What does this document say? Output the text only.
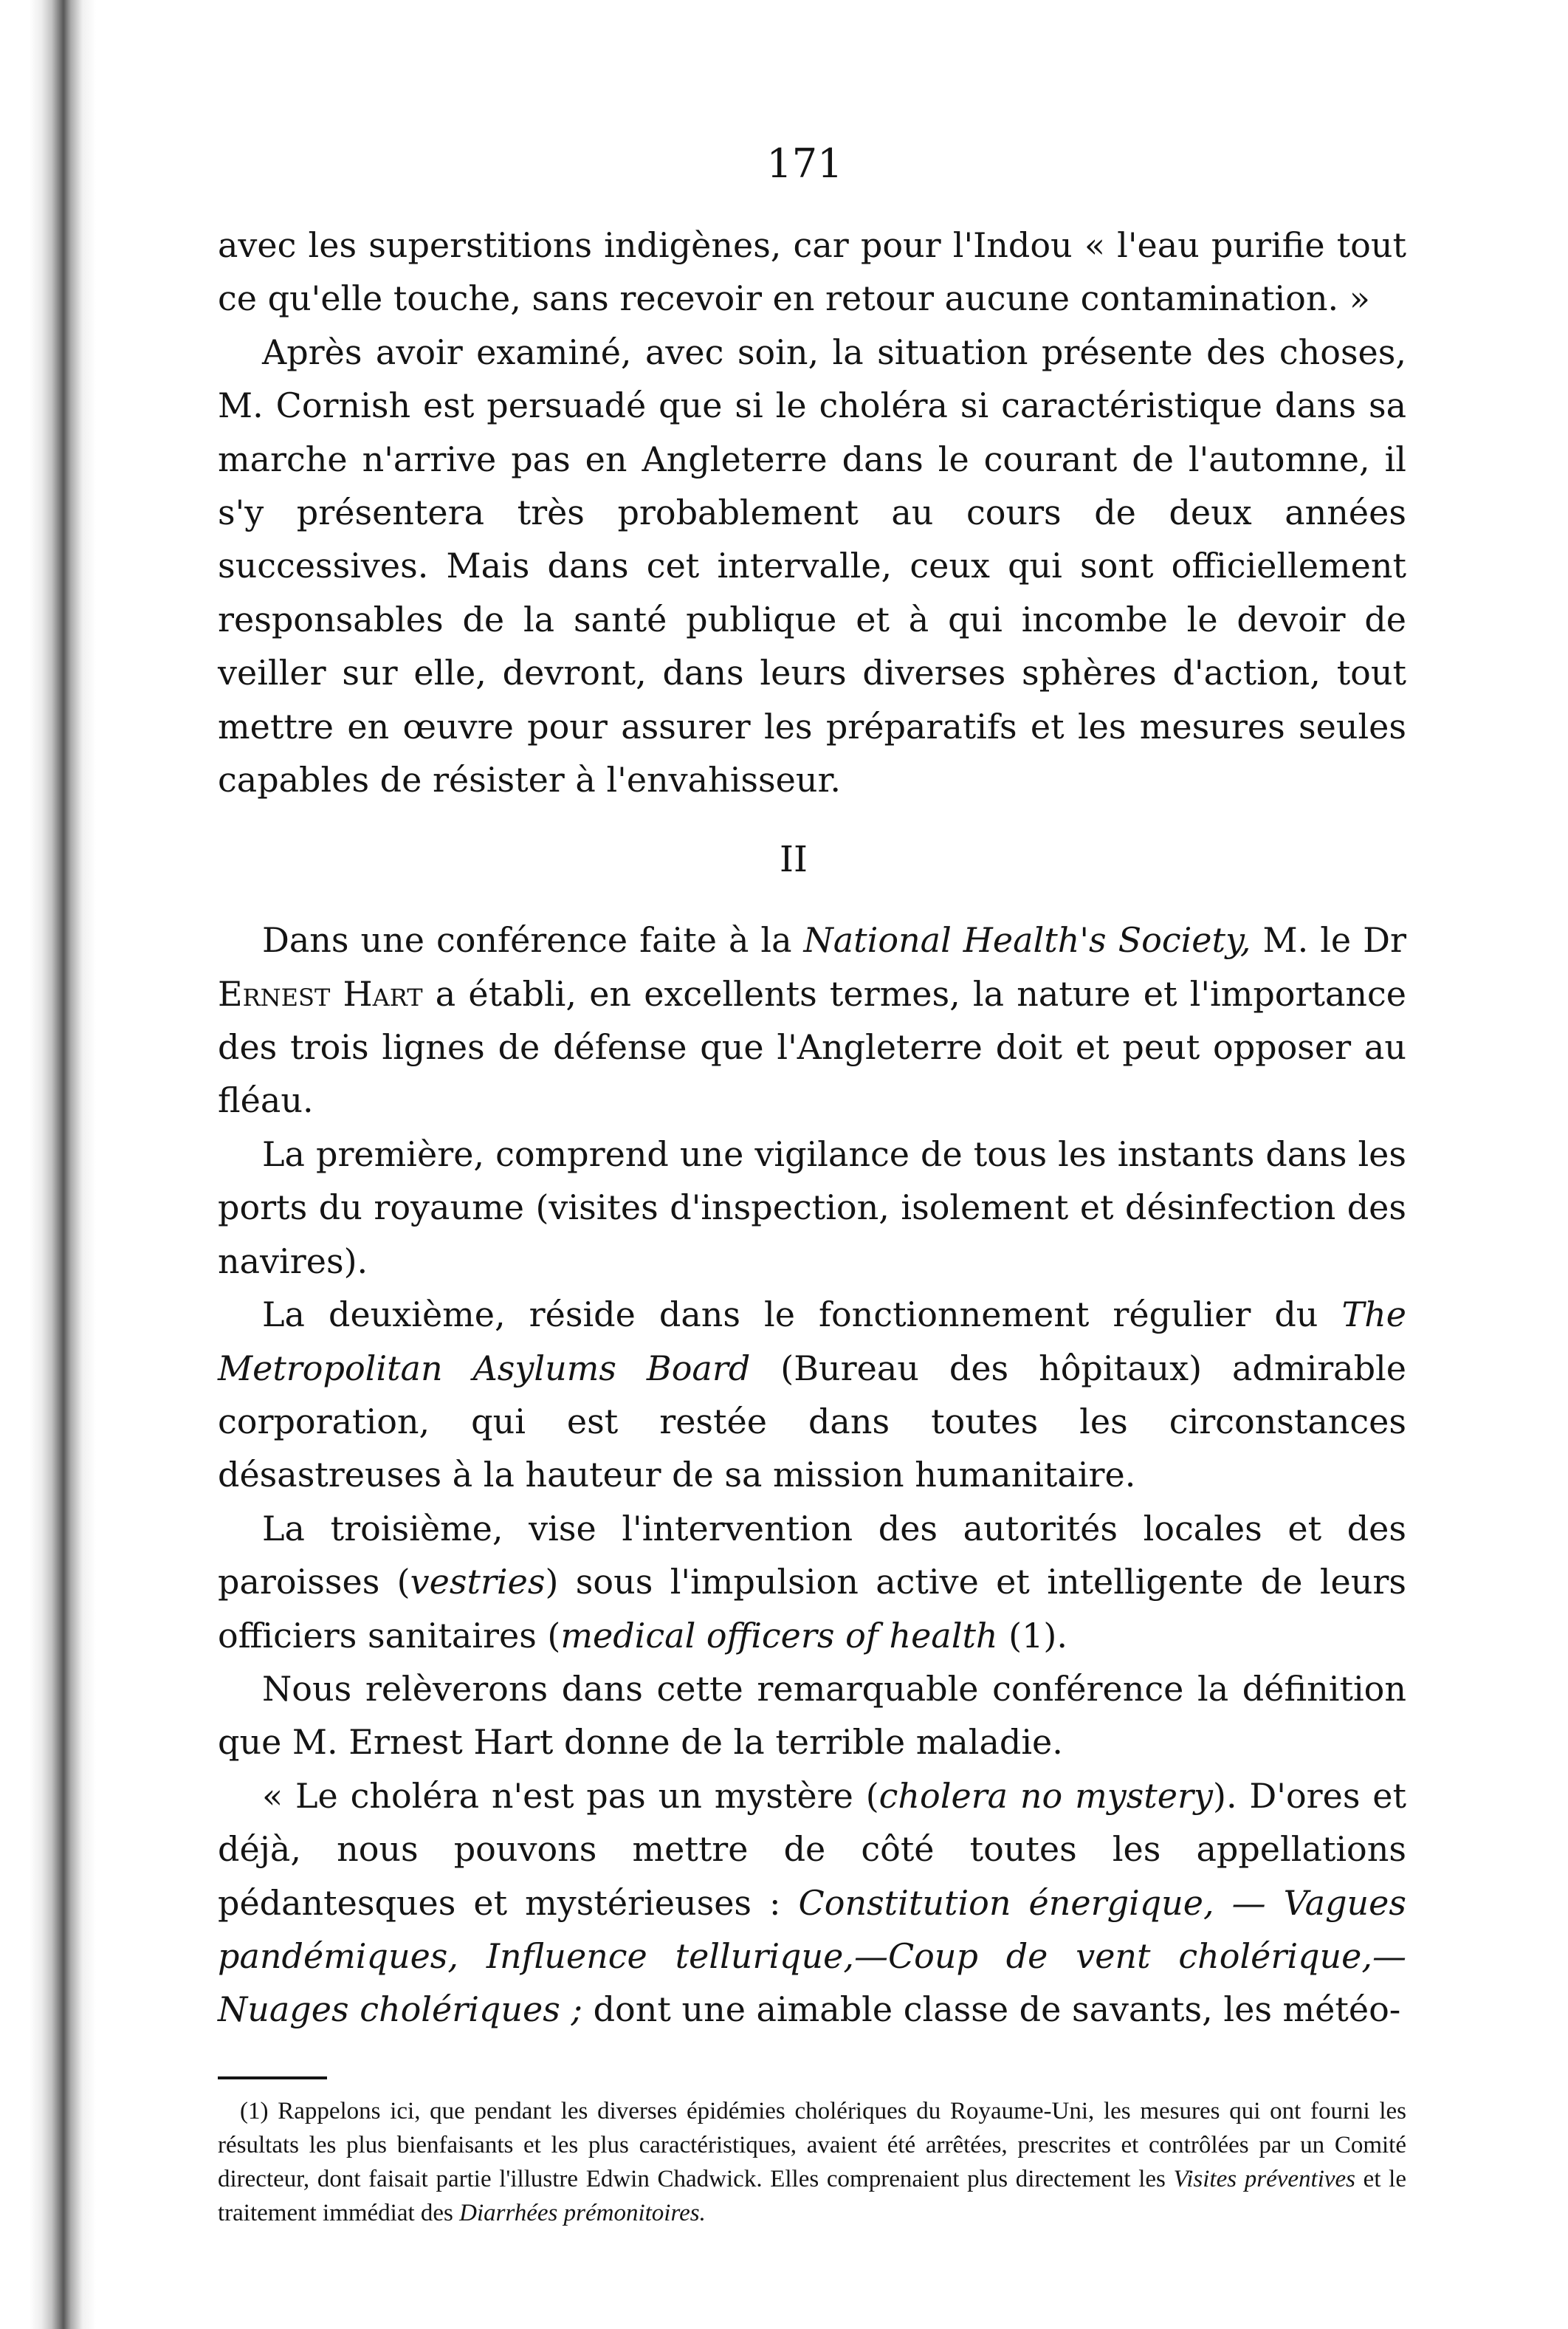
171

avec les superstitions indigènes, car pour l'Indou « l'eau purifie tout ce qu'elle touche, sans recevoir en retour aucune contamination. »

Après avoir examiné, avec soin, la situation présente des choses, M. Cornish est persuadé que si le choléra si caractéristique dans sa marche n'arrive pas en Angleterre dans le courant de l'automne, il s'y présentera très probablement au cours de deux années successives. Mais dans cet intervalle, ceux qui sont officiellement responsables de la santé publique et à qui incombe le devoir de veiller sur elle, devront, dans leurs diverses sphères d'action, tout mettre en œuvre pour assurer les préparatifs et les mesures seules capables de résister à l'envahisseur.

II

Dans une conférence faite à la National Health's Society, M. le Dr Ernest Hart a établi, en excellents termes, la nature et l'importance des trois lignes de défense que l'Angleterre doit et peut opposer au fléau.

La première, comprend une vigilance de tous les instants dans les ports du royaume (visites d'inspection, isolement et désinfection des navires).

La deuxième, réside dans le fonctionnement régulier du The Metropolitan Asylums Board (Bureau des hôpitaux) admirable corporation, qui est restée dans toutes les circonstances désastreuses à la hauteur de sa mission humanitaire.

La troisième, vise l'intervention des autorités locales et des paroisses (vestries) sous l'impulsion active et intelligente de leurs officiers sanitaires (medical officers of health (1).

Nous relèverons dans cette remarquable conférence la définition que M. Ernest Hart donne de la terrible maladie.

« Le choléra n'est pas un mystère (cholera no mystery). D'ores et déjà, nous pouvons mettre de côté toutes les appellations pédantesques et mystérieuses : Constitution énergique, — Vagues pandémiques, Influence tellurique,—Coup de vent cholérique,— Nuages cholériques ; dont une aimable classe de savants, les météo-

(1) Rappelons ici, que pendant les diverses épidémies cholériques du Royaume-Uni, les mesures qui ont fourni les résultats les plus bienfaisants et les plus caractéristiques, avaient été arrêtées, prescrites et contrôlées par un Comité directeur, dont faisait partie l'illustre Edwin Chadwick. Elles comprenaient plus directement les Visites préventives et le traitement immédiat des Diarrhées prémonitoires.
